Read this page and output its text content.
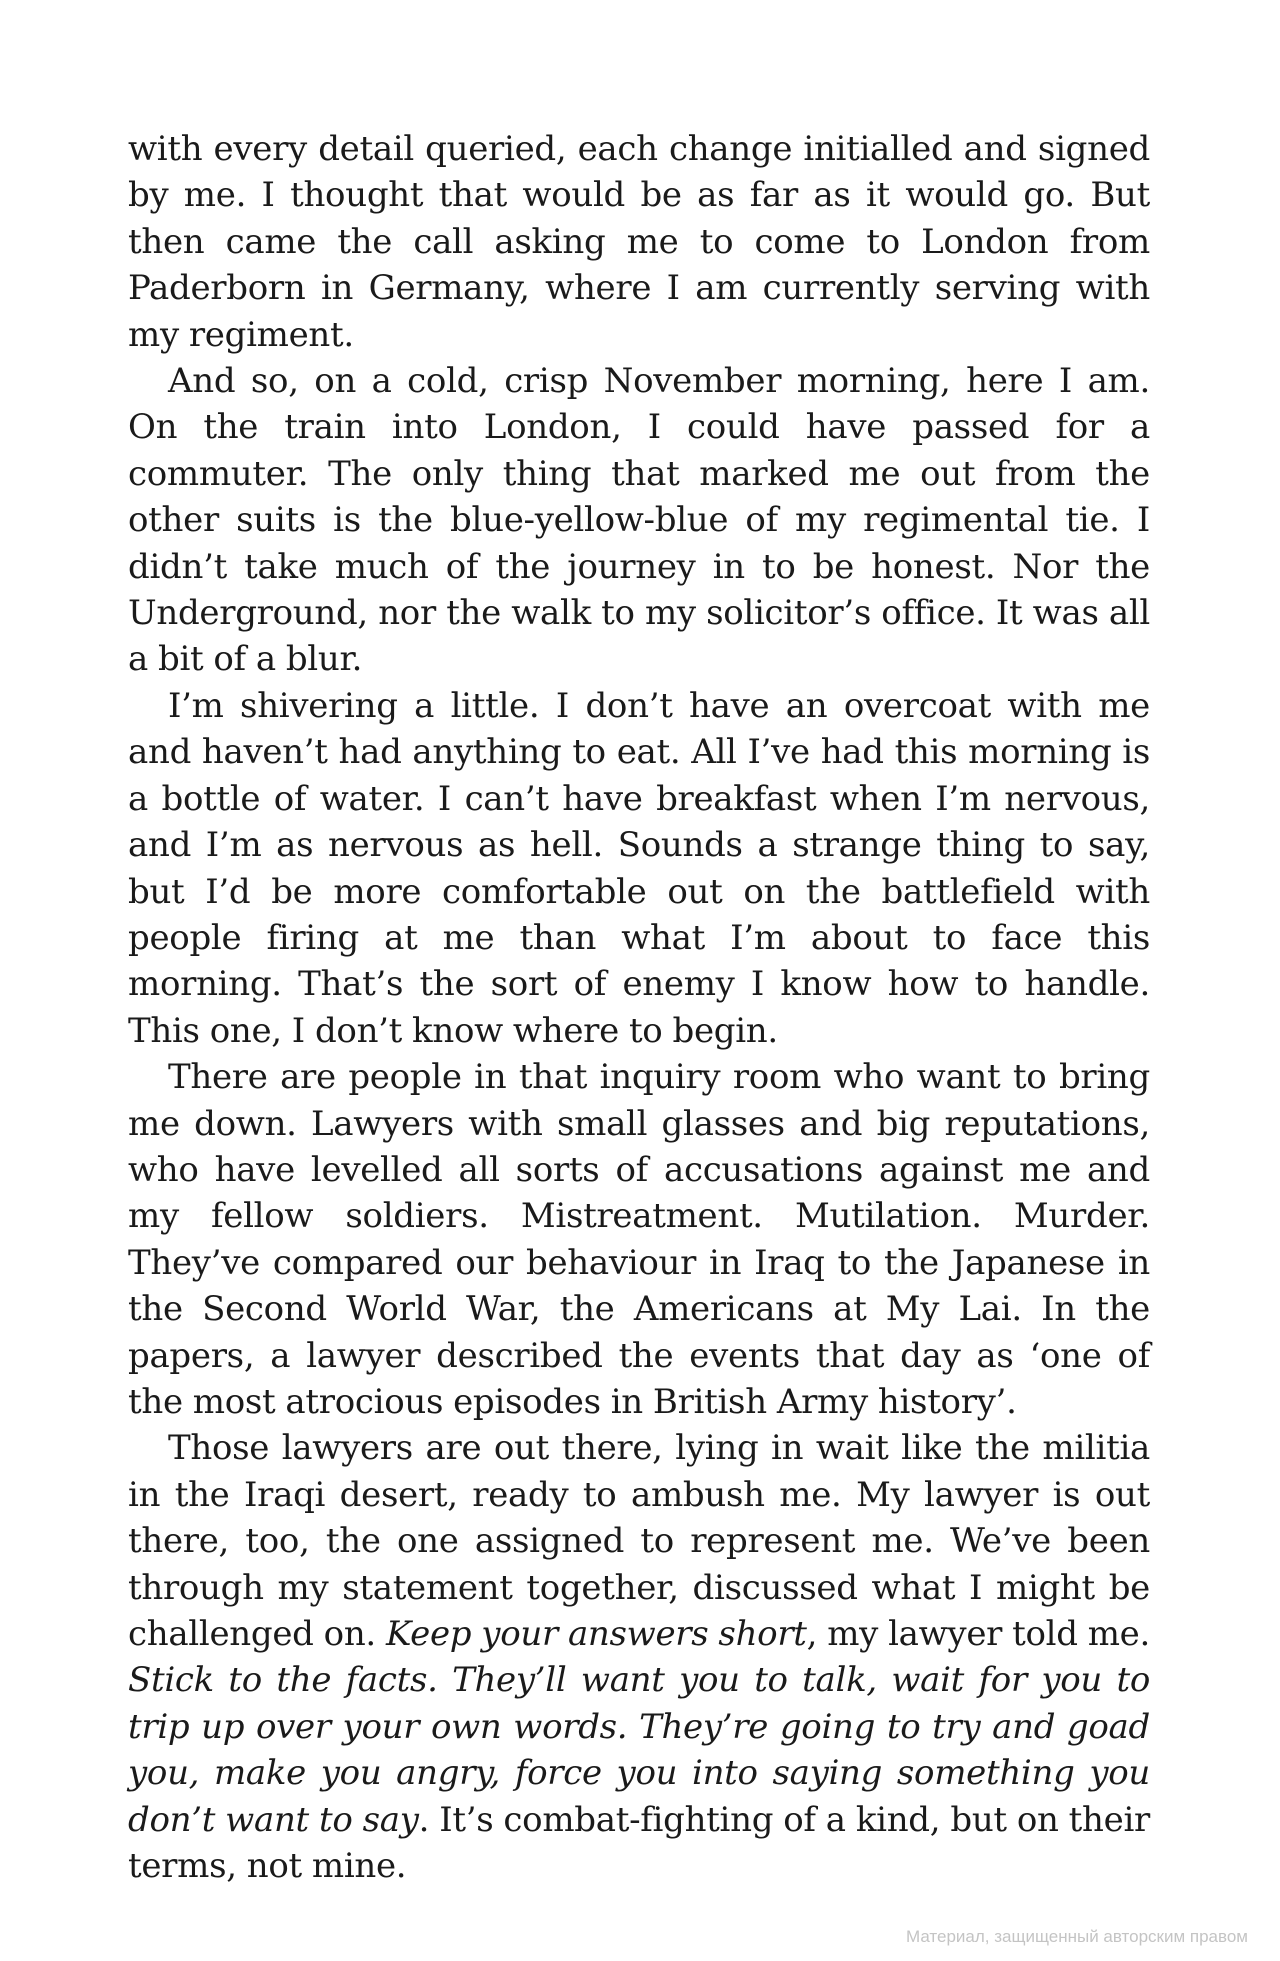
with every detail queried, each change initialled and signed by me. I thought that would be as far as it would go. But then came the call asking me to come to London from Paderborn in Germany, where I am currently serving with my regiment.

And so, on a cold, crisp November morning, here I am. On the train into London, I could have passed for a commuter. The only thing that marked me out from the other suits is the blue-yellow-blue of my regimental tie. I didn’t take much of the journey in to be honest. Nor the Underground, nor the walk to my solicitor’s office. It was all a bit of a blur.

I’m shivering a little. I don’t have an overcoat with me and haven’t had anything to eat. All I’ve had this morning is a bottle of water. I can’t have breakfast when I’m nervous, and I’m as nervous as hell. Sounds a strange thing to say, but I’d be more comfortable out on the battlefield with people firing at me than what I’m about to face this morning. That’s the sort of enemy I know how to handle. This one, I don’t know where to begin.

There are people in that inquiry room who want to bring me down. Lawyers with small glasses and big reputations, who have levelled all sorts of accusations against me and my fellow soldiers. Mistreatment. Mutilation. Murder. They’ve compared our behaviour in Iraq to the Japanese in the Second World War, the Americans at My Lai. In the papers, a lawyer described the events that day as ‘one of the most atrocious episodes in British Army history’.

Those lawyers are out there, lying in wait like the militia in the Iraqi desert, ready to ambush me. My lawyer is out there, too, the one assigned to represent me. We’ve been through my statement together, discussed what I might be challenged on. Keep your answers short, my lawyer told me. Stick to the facts. They’ll want you to talk, wait for you to trip up over your own words. They’re going to try and goad you, make you angry, force you into saying something you don’t want to say. It’s combat-fighting of a kind, but on their terms, not mine.

Материал, защищенный авторским правом
